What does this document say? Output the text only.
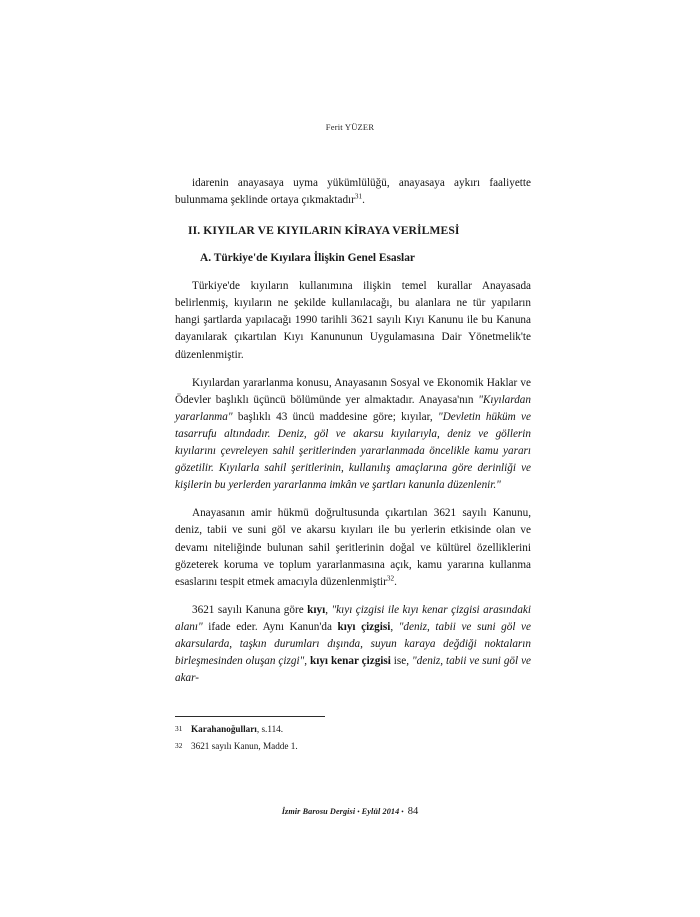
Ferit YÜZER

idarenin anayasaya uyma yükümlülüğü, anayasaya aykırı faaliyette bulunmama şeklinde ortaya çıkmaktadır$^{31}$.

II. KIYILAR VE KIYILARIN KİRAYA VERİLMESİ
A. Türkiye'de Kıyılara İlişkin Genel Esaslar

Türkiye'de kıyıların kullanımına ilişkin temel kurallar Anayasada belirlenmiş, kıyıların ne şekilde kullanılacağı, bu alanlara ne tür yapıların hangi şartlarda yapılacağı 1990 tarihli 3621 sayılı Kıyı Kanunu ile bu Kanuna dayanılarak çıkartılan Kıyı Kanununun Uygulamasına Dair Yönetmelik'te düzenlenmiştir.

Kıyılardan yararlanma konusu, Anayasanın Sosyal ve Ekonomik Haklar ve Ödevler başlıklı üçüncü bölümünde yer almaktadır. Anayasa'nın "Kıyılardan yararlanma" başlıklı 43 üncü maddesine göre; kıyılar, "Devletin hüküm ve tasarrufu altındadır. Deniz, göl ve akarsu kıyılarıyla, deniz ve göllerin kıyılarını çevreleyen sahil şeritlerinden yararlanmada öncelikle kamu yararı gözetilir. Kıyılarla sahil şeritlerinin, kullanılış amaçlarına göre derinliği ve kişilerin bu yerlerden yararlanma imkân ve şartları kanunla düzenlenir."

Anayasanın amir hükmü doğrultusunda çıkartılan 3621 sayılı Kanunu, deniz, tabii ve suni göl ve akarsu kıyıları ile bu yerlerin etkisinde olan ve devamı niteliğinde bulunan sahil şeritlerinin doğal ve kültürel özelliklerini gözeterek koruma ve toplum yararlanmasına açık, kamu yararına kullanma esaslarını tespit etmek amacıyla düzenlenmiştir$^{32}$.

3621 sayılı Kanuna göre kıyı, "kıyı çizgisi ile kıyı kenar çizgisi arasındaki alanı" ifade eder. Aynı Kanun'da kıyı çizgisi, "deniz, tabii ve suni göl ve akarsularda, taşkın durumları dışında, suyun karaya değdiği noktaların birleşmesinden oluşan çizgi", kıyı kenar çizgisi ise, "deniz, tabii ve suni göl ve akar-

31 Karahanoğulları, s.114.
32 3621 sayılı Kanun, Madde 1.
İzmir Barosu Dergisi • Eylül 2014 • 84
